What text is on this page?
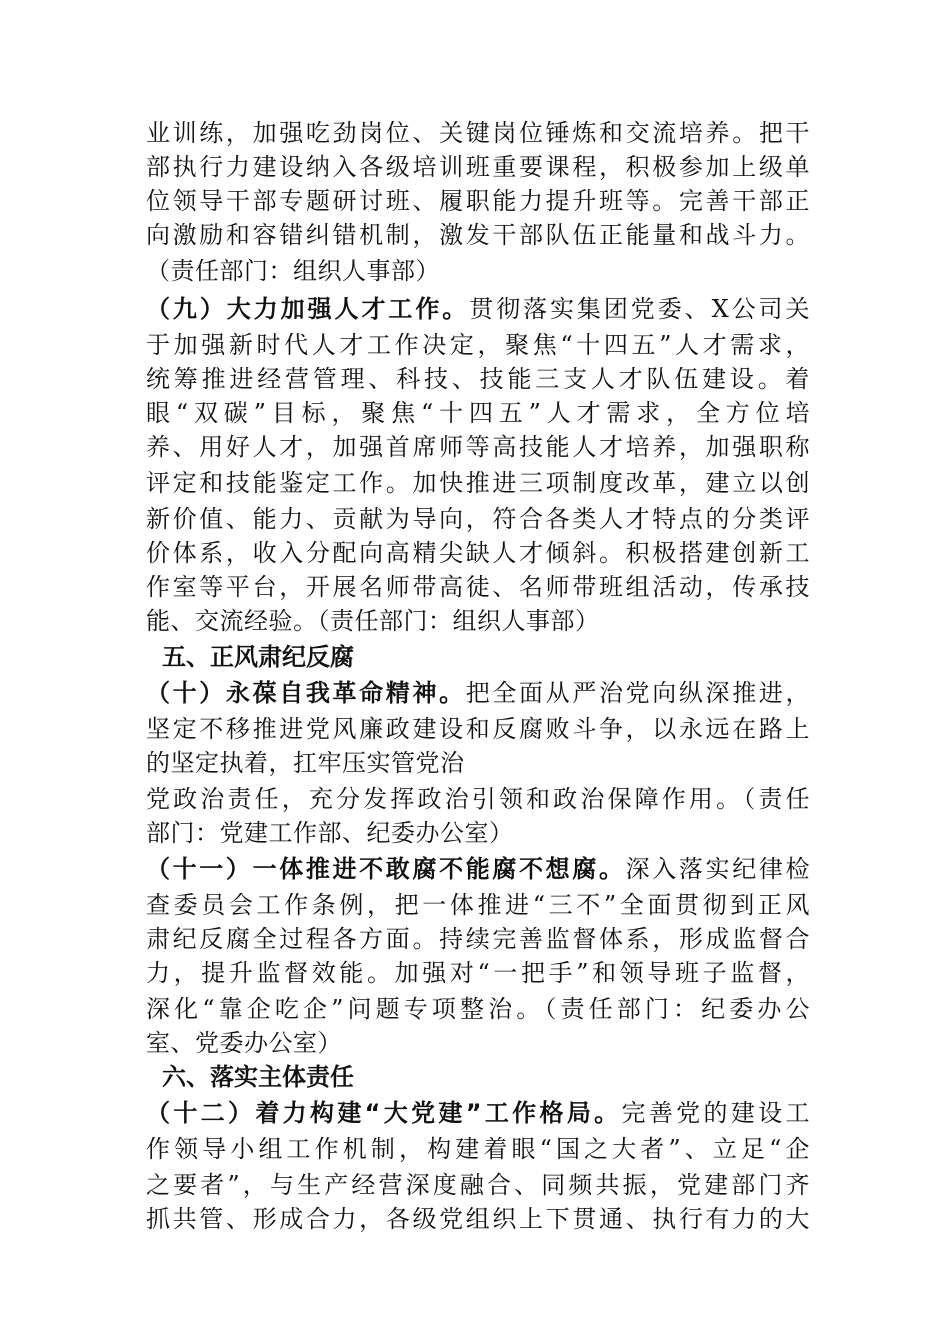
业训练，加强吃劲岗位、关键岗位锤炼和交流培养。把干
部执行力建设纳入各级培训班重要课程，积极参加上级单
位领导干部专题研讨班、履职能力提升班等。完善干部正
向激励和容错纠错机制，激发干部队伍正能量和战斗力。
（责任部门：组织人事部）
（九）大力加强人才工作。贯彻落实集团党委、X公司关
于加强新时代人才工作决定，聚焦“十四五”人才需求，
统筹推进经营管理、科技、技能三支人才队伍建设。着
眼“双碳”目标，聚焦“十四五”人才需求，全方位培
养、用好人才，加强首席师等高技能人才培养，加强职称
评定和技能鉴定工作。加快推进三项制度改革，建立以创
新价值、能力、贡献为导向，符合各类人才特点的分类评
价体系，收入分配向高精尖缺人才倾斜。积极搭建创新工
作室等平台，开展名师带高徒、名师带班组活动，传承技
能、交流经验。（责任部门：组织人事部）
五、正风肃纪反腐
（十）永葆自我革命精神。把全面从严治党向纵深推进，
坚定不移推进党风廉政建设和反腐败斗争，以永远在路上
的坚定执着，扛牢压实管党治
党政治责任，充分发挥政治引领和政治保障作用。（责任
部门：党建工作部、纪委办公室）
（十一）一体推进不敢腐不能腐不想腐。深入落实纪律检
查委员会工作条例，把一体推进“三不”全面贯彻到正风
肃纪反腐全过程各方面。持续完善监督体系，形成监督合
力，提升监督效能。加强对“一把手”和领导班子监督，
深化“靠企吃企”问题专项整治。（责任部门：纪委办公
室、党委办公室）
六、落实主体责任
（十二）着力构建“大党建”工作格局。完善党的建设工
作领导小组工作机制，构建着眼“国之大者”、立足“企
之要者”，与生产经营深度融合、同频共振，党建部门齐
抓共管、形成合力，各级党组织上下贯通、执行有力的大
